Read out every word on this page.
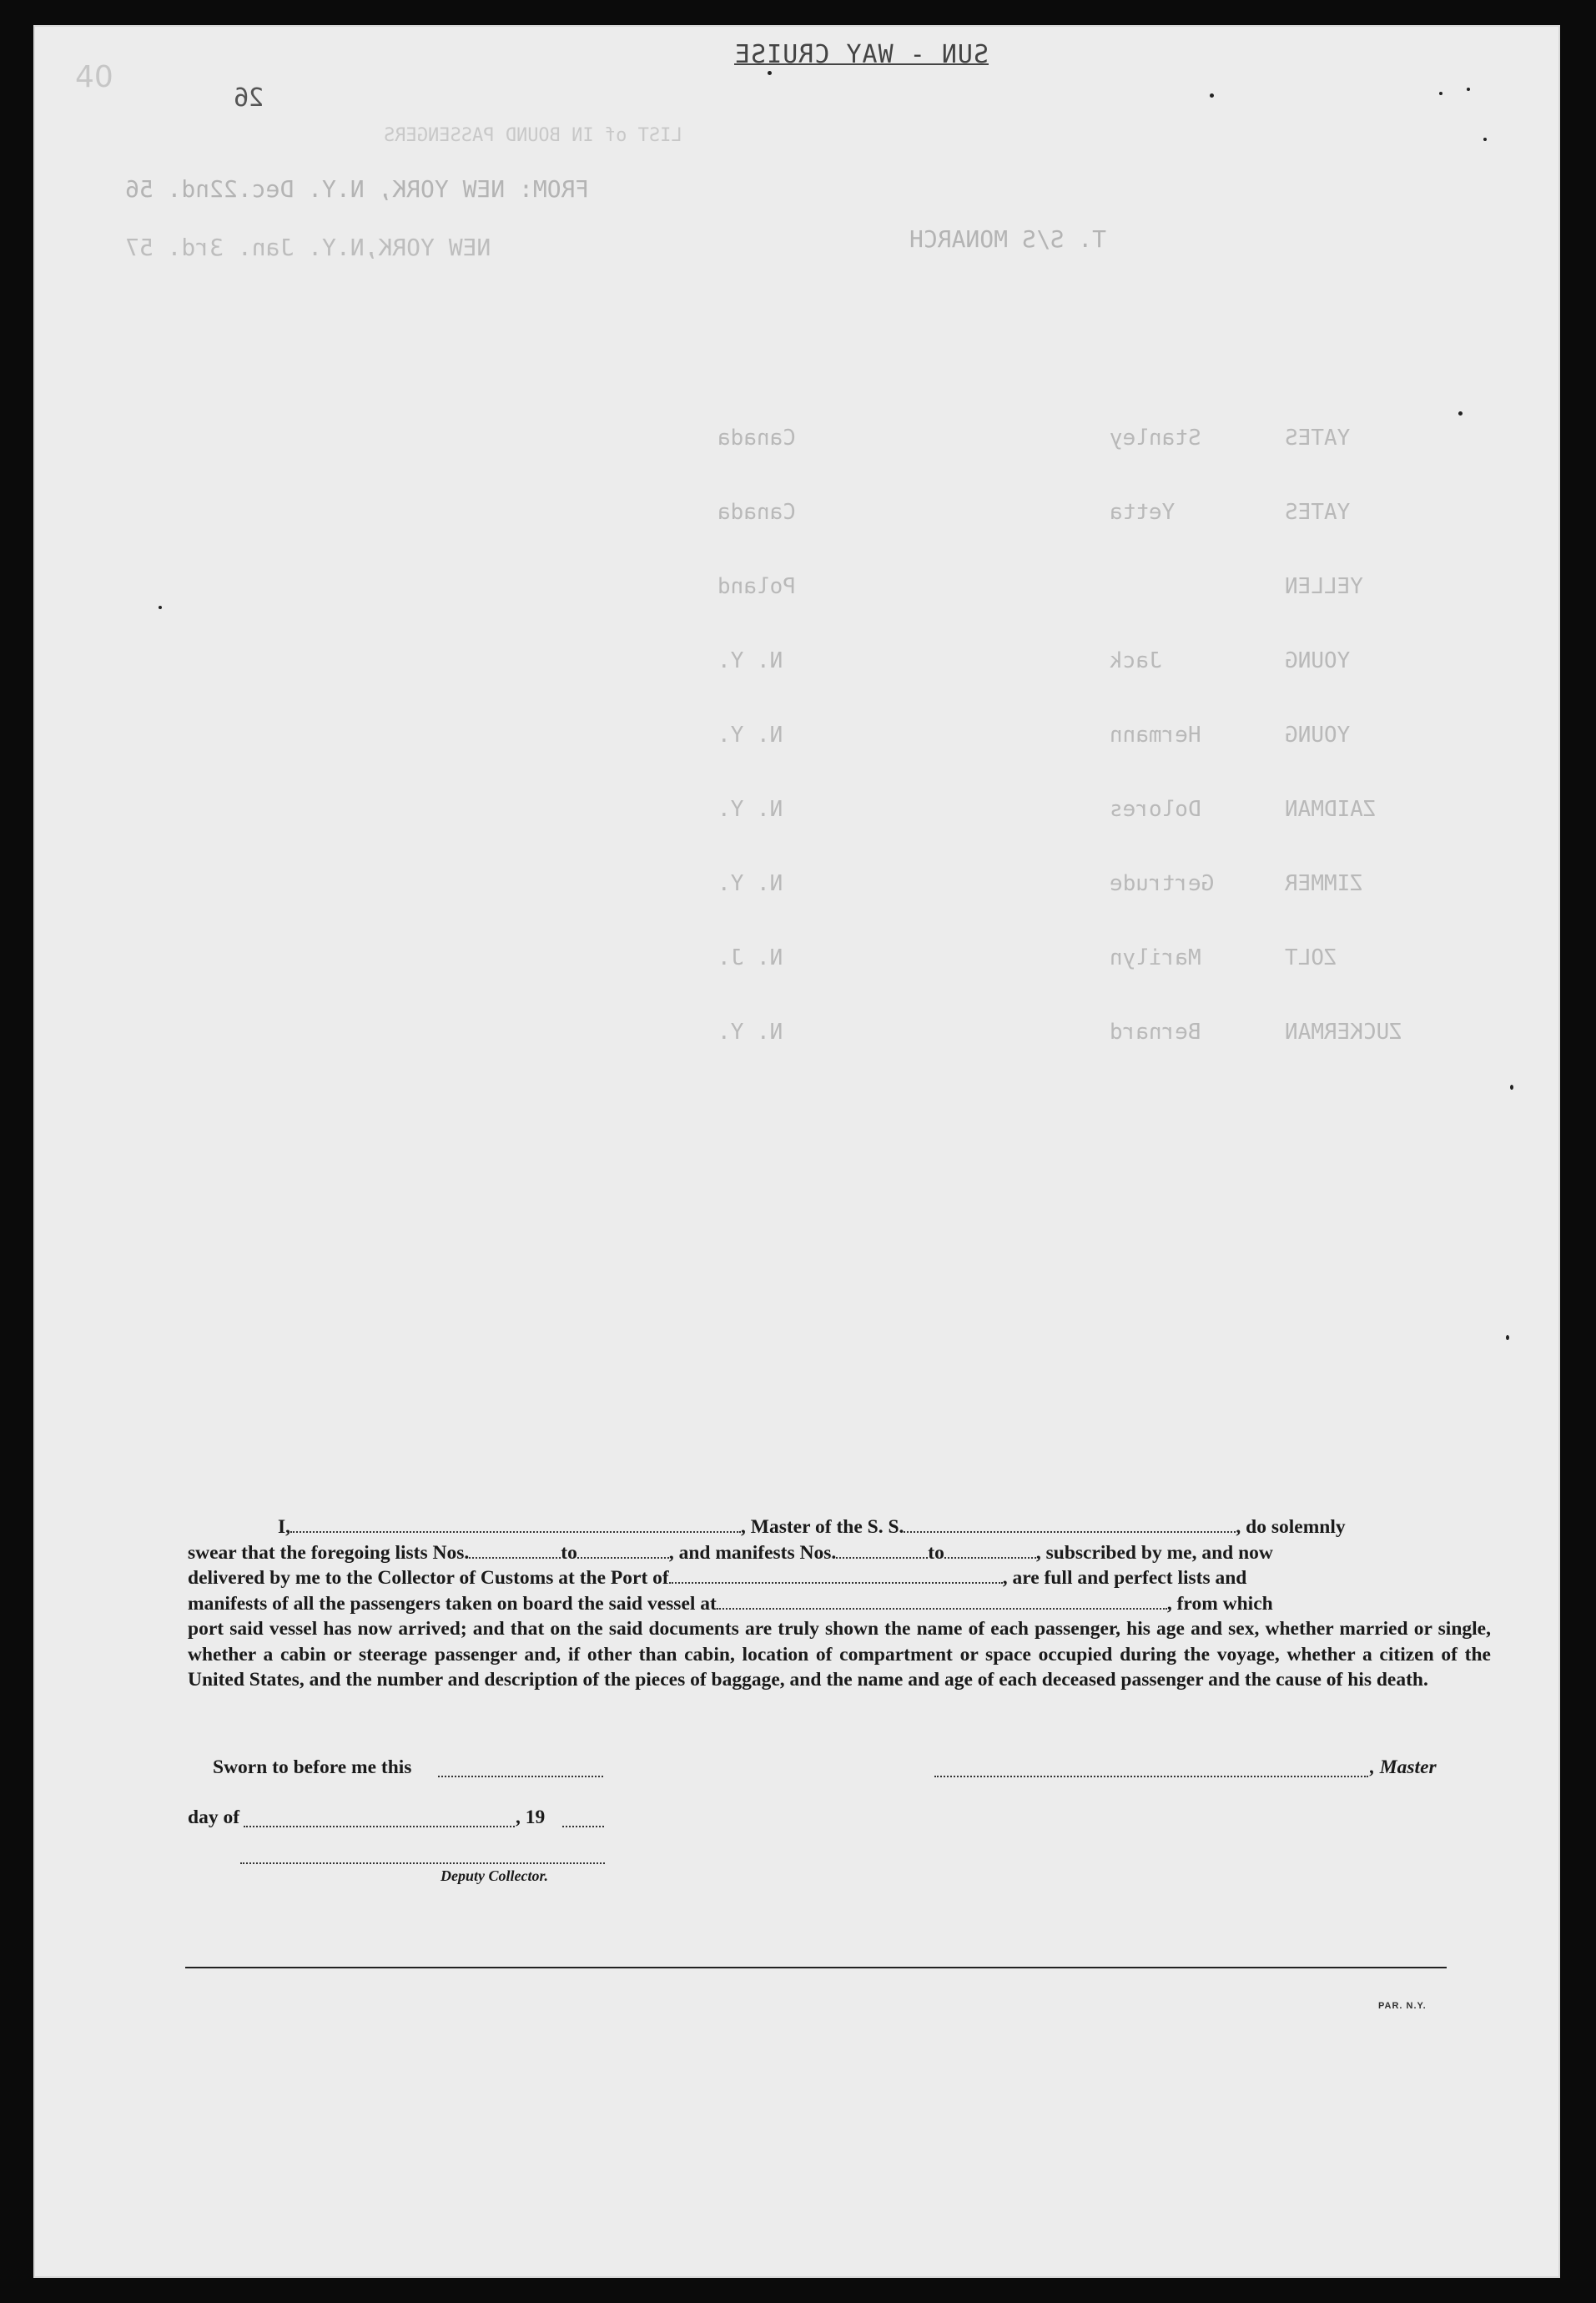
40
SUN - WAY CRUISE
26
LIST of IN BOUND PASSENGERS
FROM: NEW YORK, N.Y. Dec.22nd. 56
T. S/S MONARCH
NEW YORK,N.Y. Jan. 3rd. 57
Canada	Stanley	YATES
Canada	Yetta	YATES
Poland	YELLEN
N. Y.	Jack	YOUNG
N. Y.	Hermann	YOUNG
N. Y.	Dolores	ZAIDMAN
N. Y.	Gertrude	ZIMMER
N. J.	Marilyn	ZOLT
N. Y.	Bernard	ZUCKERMAN

I,	, Master of the S. S.	, do solemnly

swear that the foregoing lists Nos.	to	, and manifests Nos.	to	, subscribed by me, and now

delivered by me to the Collector of Customs at the Port of	, are full and perfect lists and

manifests of all the passengers taken on board the said vessel at	, from which

port said vessel has now arrived; and that on the said documents are truly shown the name of each passenger, his age and sex, whether married or single, whether a cabin or steerage passenger and, if other than cabin, location of compartment or space occupied during the voyage, whether a citizen of the United States, and the number and description of the pieces of baggage, and the name and age of each deceased passenger and the cause of his death.

Sworn to before me this	, Master
day of	, 19
Deputy Collector.
PAR. N.Y.
